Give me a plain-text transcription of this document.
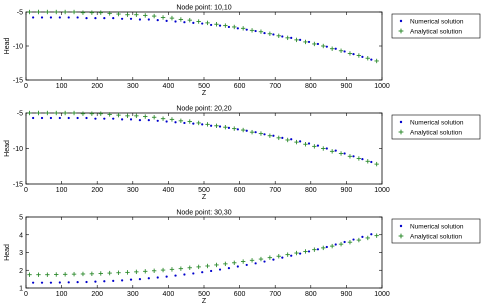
0	100	200	300	400	500	600	700	800	900	1000
-15
-10
-5
Node point: 10,10
Z
Head
Numerical solution
Analytical solution
0	100	200	300	400	500	600	700	800	900	1000
-15
-10
-5
Node point: 20,20
Z
Head
Numerical solution
Analytical solution
0	100	200	300	400	500	600	700	800	900	1000
1
2
3
4
5
Node point: 30,30
Z
Head
Numerical solution
Analytical solution
